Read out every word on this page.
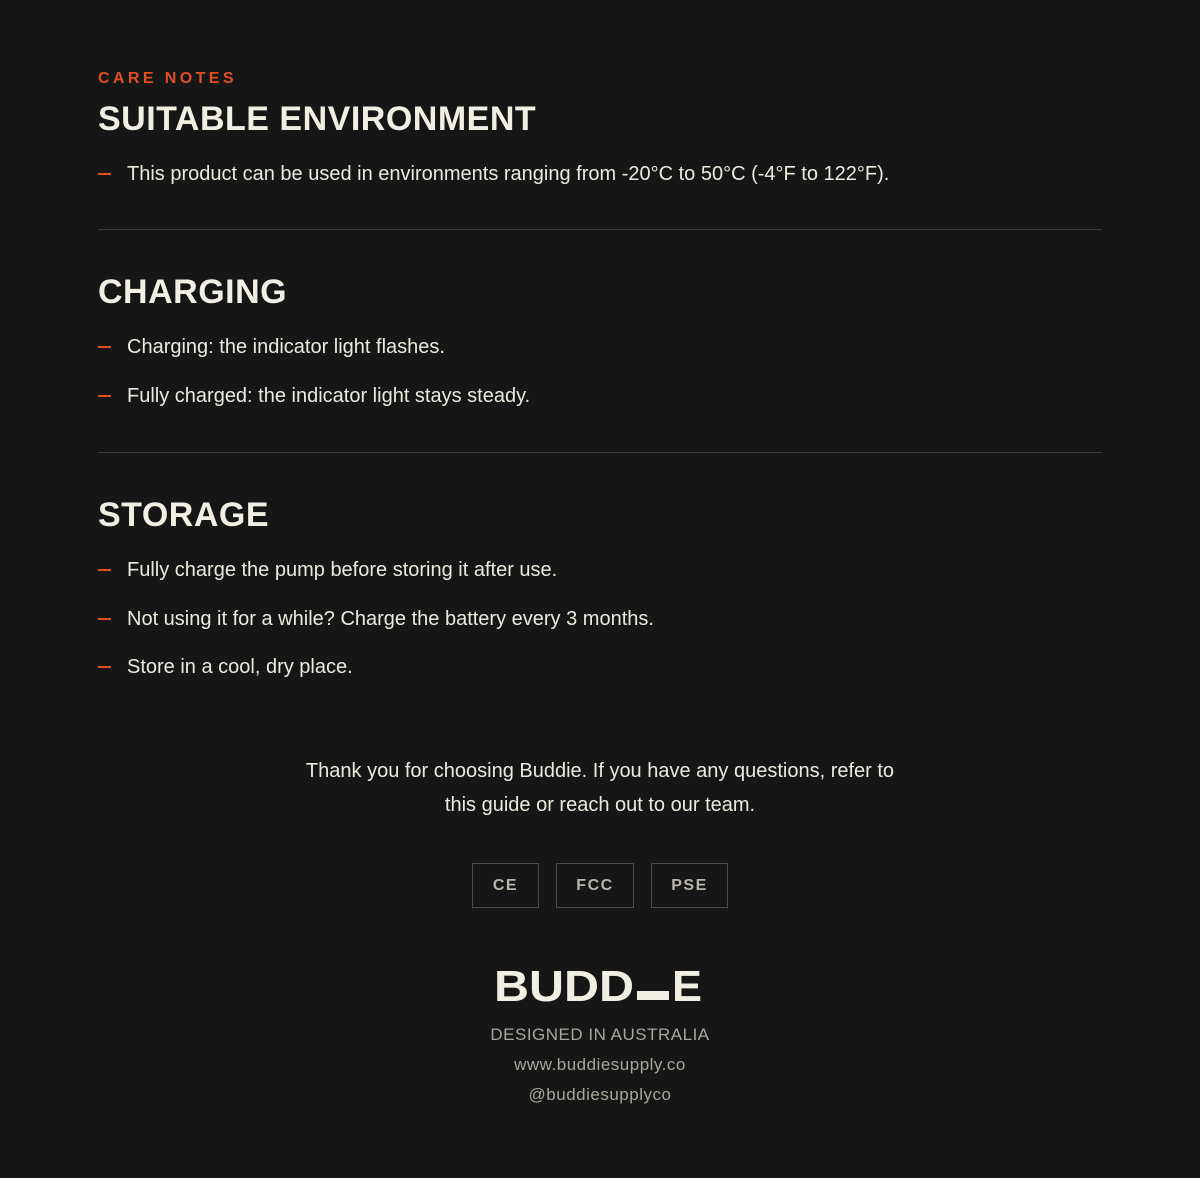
CARE NOTES
SUITABLE ENVIRONMENT
This product can be used in environments ranging from -20°C to 50°C (-4°F to 122°F).
CHARGING
Charging: the indicator light flashes.
Fully charged: the indicator light stays steady.
STORAGE
Fully charge the pump before storing it after use.
Not using it for a while? Charge the battery every 3 months.
Store in a cool, dry place.
Thank you for choosing Buddie. If you have any questions, refer to
this guide or reach out to our team.
CE	FCC	PSE
BUDD E
DESIGNED IN AUSTRALIA
www.buddiesupply.co
@buddiesupplyco
